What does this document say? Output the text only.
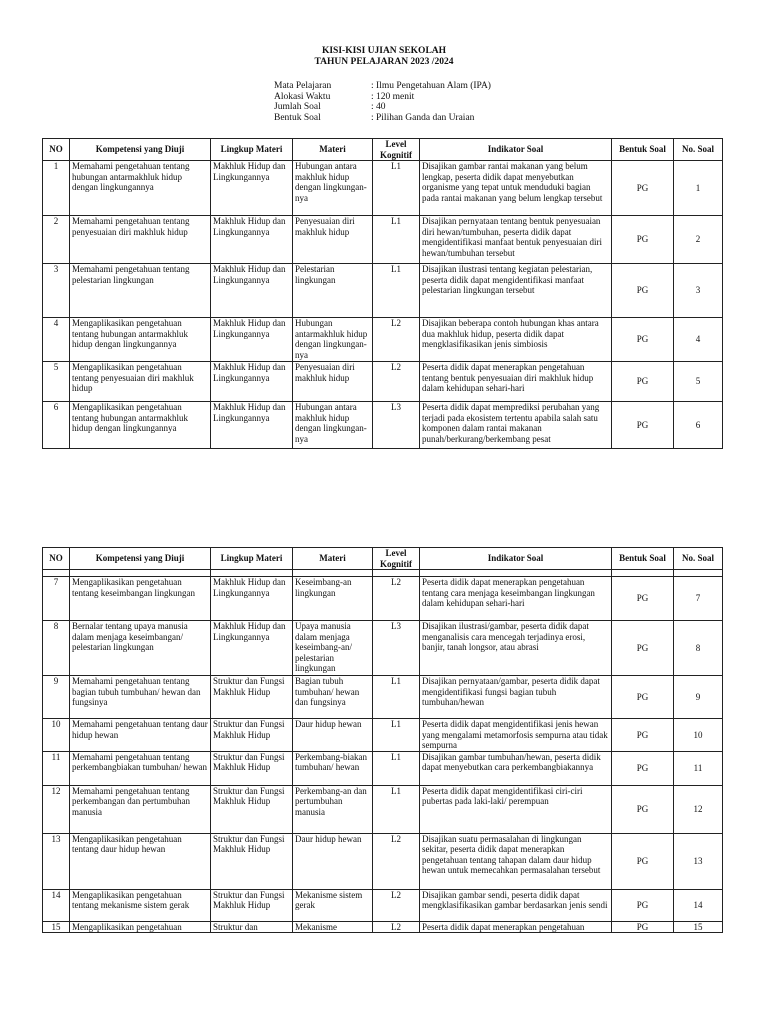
KISI-KISI UJIAN SEKOLAH
TAHUN PELAJARAN 2023 /2024
Mata Pelajaran	: Ilmu Pengetahuan Alam (IPA)
Alokasi Waktu	: 120 menit
Jumlah Soal	: 40
Bentuk Soal	: Pilihan Ganda dan Uraian
NO	Kompetensi yang Diuji	Lingkup Materi	Materi	Level Kognitif	Indikator Soal	Bentuk Soal	No. Soal
1	Memahami pengetahuan tentang hubungan antarmakhluk hidup dengan lingkungannya	Makhluk Hidup dan Lingkungannya	Hubungan antara makhluk hidup dengan lingkungan-nya	L1	Disajikan gambar rantai makanan yang belum lengkap, peserta didik dapat menyebutkan organisme yang tepat untuk menduduki bagian pada rantai makanan yang belum lengkap tersebut	PG	1
2	Memahami pengetahuan tentang penyesuaian diri makhluk hidup	Makhluk Hidup dan Lingkungannya	Penyesuaian diri makhluk hidup	L1	Disajikan pernyataan tentang bentuk penyesuaian diri hewan/tumbuhan, peserta didik dapat mengidentifikasi manfaat bentuk penyesuaian diri hewan/tumbuhan tersebut	PG	2
3	Memahami pengetahuan tentang pelestarian lingkungan	Makhluk Hidup dan Lingkungannya	Pelestarian lingkungan	L1	Disajikan ilustrasi tentang kegiatan pelestarian, peserta didik dapat mengidentifikasi manfaat pelestarian lingkungan tersebut	PG	3
4	Mengaplikasikan pengetahuan tentang hubungan antarmakhluk hidup dengan lingkungannya	Makhluk Hidup dan Lingkungannya	Hubungan antarmakhluk hidup dengan lingkungan-nya	L2	Disajikan beberapa contoh hubungan khas antara dua makhluk hidup, peserta didik dapat mengklasifikasikan jenis simbiosis	PG	4
5	Mengaplikasikan pengetahuan tentang penyesuaian diri makhluk hidup	Makhluk Hidup dan Lingkungannya	Penyesuaian diri makhluk hidup	L2	Peserta didik dapat menerapkan pengetahuan tentang bentuk penyesuaian diri makhluk hidup dalam kehidupan sehari-hari	PG	5
6	Mengaplikasikan pengetahuan tentang hubungan antarmakhluk hidup dengan lingkungannya	Makhluk Hidup dan Lingkungannya	Hubungan antara makhluk hidup dengan lingkungan-nya	L3	Peserta didik dapat memprediksi perubahan yang terjadi pada ekosistem tertentu apabila salah satu komponen dalam rantai makanan punah/berkurang/berkembang pesat	PG	6
NO	Kompetensi yang Diuji	Lingkup Materi	Materi	Level Kognitif	Indikator Soal	Bentuk Soal	No. Soal

7	Mengaplikasikan pengetahuan tentang keseimbangan lingkungan	Makhluk Hidup dan Lingkungannya	Keseimbang-an lingkungan	L2	Peserta didik dapat menerapkan pengetahuan tentang cara menjaga keseimbangan lingkungan dalam kehidupan sehari-hari	PG	7
8	Bernalar tentang upaya manusia dalam menjaga keseimbangan/ pelestarian lingkungan	Makhluk Hidup dan Lingkungannya	Upaya manusia dalam menjaga keseimbang-an/ pelestarian lingkungan	L3	Disajikan ilustrasi/gambar, peserta didik dapat menganalisis cara mencegah terjadinya erosi, banjir, tanah longsor, atau abrasi	PG	8
9	Memahami pengetahuan tentang bagian tubuh tumbuhan/ hewan dan fungsinya	Struktur dan Fungsi Makhluk Hidup	Bagian tubuh tumbuhan/ hewan dan fungsinya	L1	Disajikan pernyataan/gambar, peserta didik dapat mengidentifikasi fungsi bagian tubuh tumbuhan/hewan	PG	9
10	Memahami pengetahuan tentang daur hidup hewan	Struktur dan Fungsi Makhluk Hidup	Daur hidup hewan	L1	Peserta didik dapat mengidentifikasi jenis hewan yang mengalami metamorfosis sempurna atau tidak sempurna	PG	10
11	Memahami pengetahuan tentang perkembangbiakan tumbuhan/ hewan	Struktur dan Fungsi Makhluk Hidup	Perkembang-biakan tumbuhan/ hewan	L1	Disajikan gambar tumbuhan/hewan, peserta didik dapat menyebutkan cara perkembangbiakannya	PG	11
12	Memahami pengetahuan tentang perkembangan dan pertumbuhan manusia	Struktur dan Fungsi Makhluk Hidup	Perkembang-an dan pertumbuhan manusia	L1	Peserta didik dapat mengidentifikasi ciri-ciri pubertas pada laki-laki/ perempuan	PG	12
13	Mengaplikasikan pengetahuan tentang daur hidup hewan	Struktur dan Fungsi Makhluk Hidup	Daur hidup hewan	L2	Disajikan suatu permasalahan di lingkungan sekitar, peserta didik dapat menerapkan pengetahuan tentang tahapan dalam daur hidup hewan untuk memecahkan permasalahan tersebut	PG	13
14	Mengaplikasikan pengetahuan tentang mekanisme sistem gerak	Struktur dan Fungsi Makhluk Hidup	Mekanisme sistem gerak	L2	Disajikan gambar sendi, peserta didik dapat mengklasifikasikan gambar berdasarkan jenis sendi	PG	14
15	Mengaplikasikan pengetahuan	Struktur dan	Mekanisme	L2	Peserta didik dapat menerapkan pengetahuan	PG	15
